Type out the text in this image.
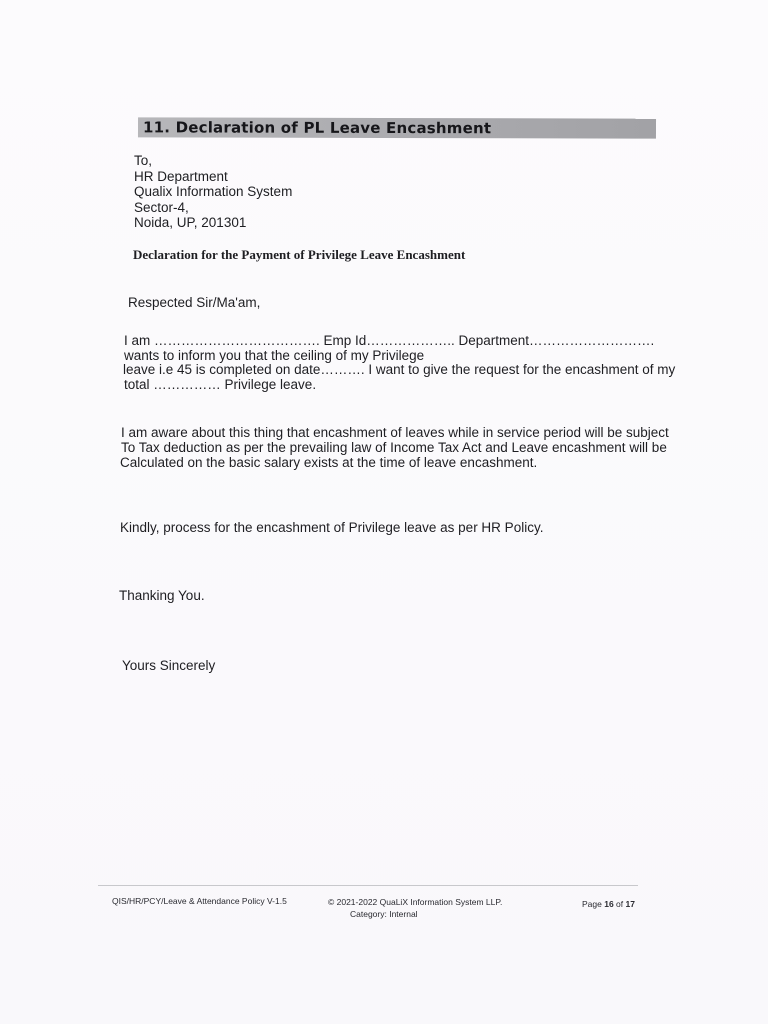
11. Declaration of PL Leave Encashment
To,
HR Department
Qualix Information System
Sector-4,
Noida, UP, 201301
Declaration for the Payment of Privilege Leave Encashment
Respected Sir/Ma'am,
I am ………………………………. Emp Id……………….. Department……………………….
wants to inform you that the ceiling of my Privilege
leave i.e 45 is completed on date………. I want to give the request for the encashment of my
total …………… Privilege leave.
I am aware about this thing that encashment of leaves while in service period will be subject
To Tax deduction as per the prevailing law of Income Tax Act and Leave encashment will be
Calculated on the basic salary exists at the time of leave encashment.
Kindly, process for the encashment of Privilege leave as per HR Policy.
Thanking You.
Yours Sincerely
QIS/HR/PCY/Leave & Attendance Policy V-1.5	© 2021-2022 QuaLiX Information System LLP.
Category: Internal
Page 16 of 17
